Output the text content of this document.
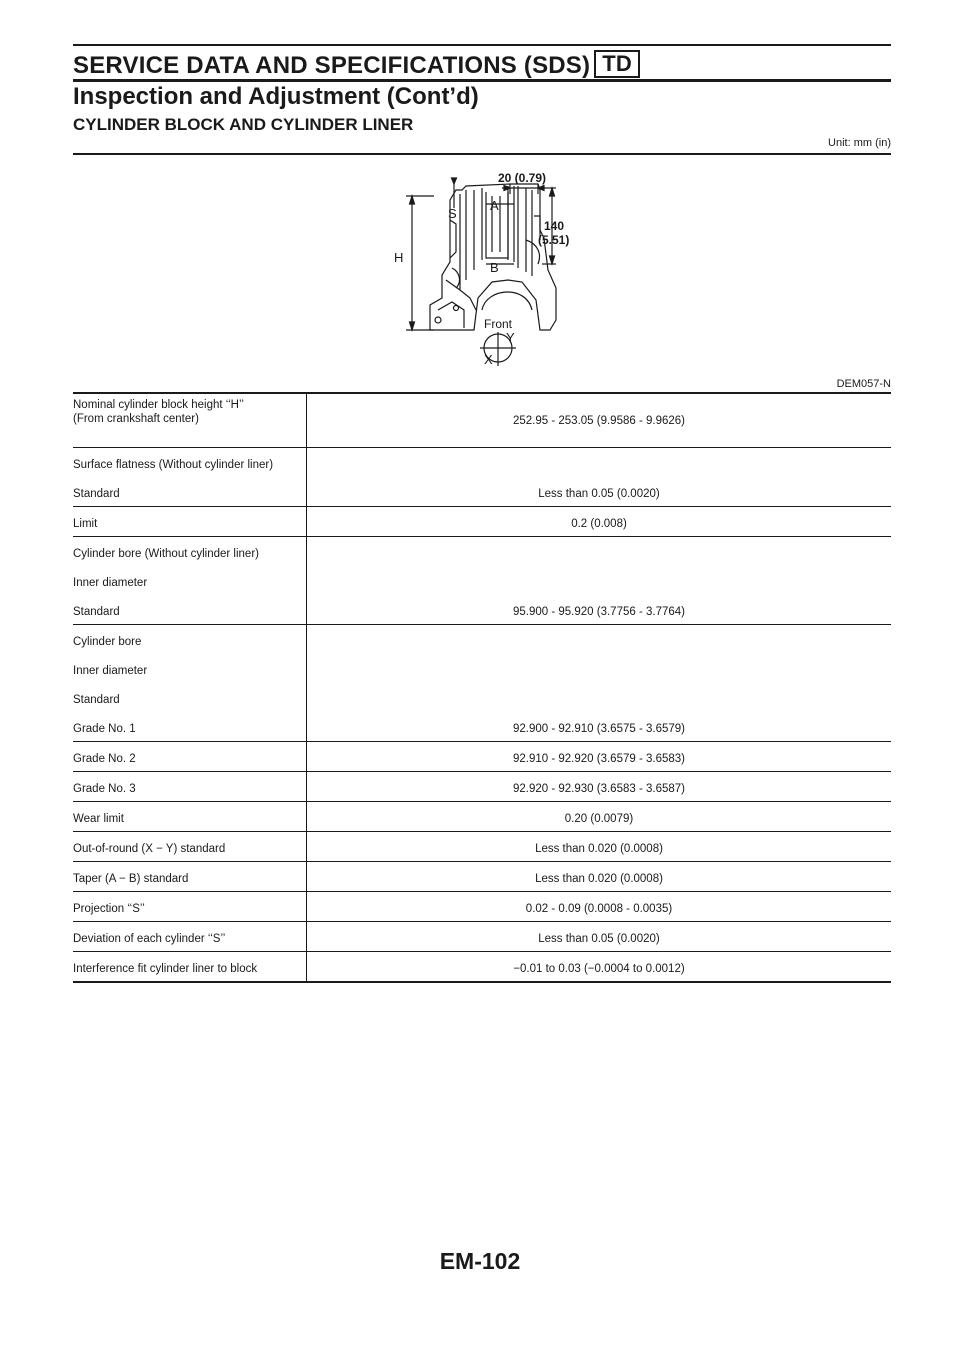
SERVICE DATA AND SPECIFICATIONS (SDS) TD
Inspection and Adjustment (Cont’d)
CYLINDER BLOCK AND CYLINDER LINER
Unit: mm (in)
H
S
A
B
Front
Y
X
20 (0.79)
140
(5.51)
DEM057-N
Nominal cylinder block height ‘‘H’’
(From crankshaft center)	252.95 - 253.05 (9.9586 - 9.9626)
Surface flatness (Without cylinder liner)	
Standard	Less than 0.05 (0.0020)
Limit	0.2 (0.008)
Cylinder bore (Without cylinder liner)	
Inner diameter	
Standard	95.900 - 95.920 (3.7756 - 3.7764)
Cylinder bore	
Inner diameter	
Standard	
Grade No. 1	92.900 - 92.910 (3.6575 - 3.6579)
Grade No. 2	92.910 - 92.920 (3.6579 - 3.6583)
Grade No. 3	92.920 - 92.930 (3.6583 - 3.6587)
Wear limit	0.20 (0.0079)
Out-of-round (X − Y) standard	Less than 0.020 (0.0008)
Taper (A − B) standard	Less than 0.020 (0.0008)
Projection ‘‘S’’	0.02 - 0.09 (0.0008 - 0.0035)
Deviation of each cylinder ‘‘S’’	Less than 0.05 (0.0020)
Interference fit cylinder liner to block	−0.01 to 0.03 (−0.0004 to 0.0012)
EM-102
